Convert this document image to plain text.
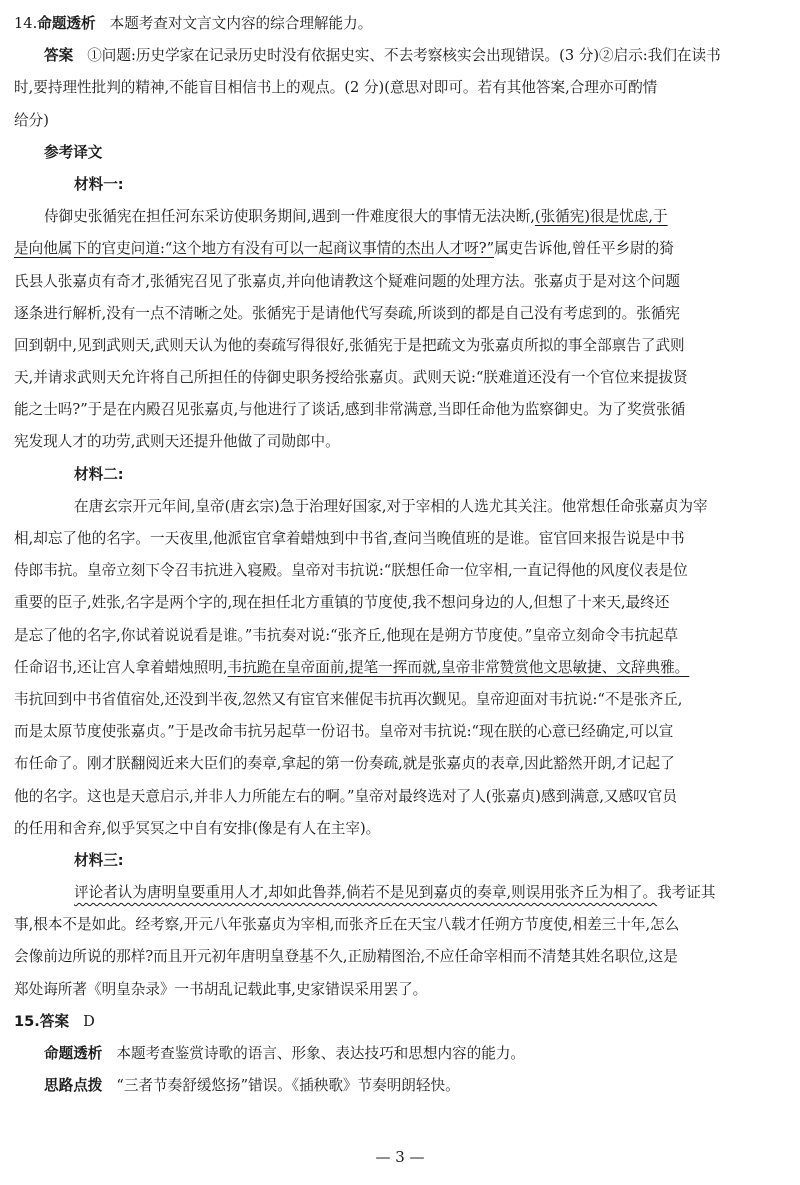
14.命题透析 本题考查对文言文内容的综合理解能力。
答案 ①问题:历史学家在记录历史时没有依据史实、不去考察核实会出现错误。(3 分)②启示:我们在读书
时,要持理性批判的精神,不能盲目相信书上的观点。(2 分)(意思对即可。若有其他答案,合理亦可酌情
给分)
参考译文
材料一:
侍御史张循宪在担任河东采访使职务期间,遇到一件难度很大的事情无法决断,(张循宪)很是忧虑,于
是向他属下的官吏问道:“这个地方有没有可以一起商议事情的杰出人才呀?”属吏告诉他,曾任平乡尉的猗
氏县人张嘉贞有奇才,张循宪召见了张嘉贞,并向他请教这个疑难问题的处理方法。张嘉贞于是对这个问题
逐条进行解析,没有一点不清晰之处。张循宪于是请他代写奏疏,所谈到的都是自己没有考虑到的。张循宪
回到朝中,见到武则天,武则天认为他的奏疏写得很好,张循宪于是把疏文为张嘉贞所拟的事全部禀告了武则
天,并请求武则天允许将自己所担任的侍御史职务授给张嘉贞。武则天说:“朕难道还没有一个官位来提拔贤
能之士吗?”于是在内殿召见张嘉贞,与他进行了谈话,感到非常满意,当即任命他为监察御史。为了奖赏张循
宪发现人才的功劳,武则天还提升他做了司勋郎中。
材料二:
在唐玄宗开元年间,皇帝(唐玄宗)急于治理好国家,对于宰相的人选尤其关注。他常想任命张嘉贞为宰
相,却忘了他的名字。一天夜里,他派宦官拿着蜡烛到中书省,查问当晚值班的是谁。宦官回来报告说是中书
侍郎韦抗。皇帝立刻下令召韦抗进入寝殿。皇帝对韦抗说:“朕想任命一位宰相,一直记得他的风度仪表是位
重要的臣子,姓张,名字是两个字的,现在担任北方重镇的节度使,我不想问身边的人,但想了十来天,最终还
是忘了他的名字,你试着说说看是谁。”韦抗奏对说:“张齐丘,他现在是朔方节度使。”皇帝立刻命令韦抗起草
任命诏书,还让宫人拿着蜡烛照明,韦抗跪在皇帝面前,提笔一挥而就,皇帝非常赞赏他文思敏捷、文辞典雅。
韦抗回到中书省值宿处,还没到半夜,忽然又有宦官来催促韦抗再次觐见。皇帝迎面对韦抗说:“不是张齐丘,
而是太原节度使张嘉贞。”于是改命韦抗另起草一份诏书。皇帝对韦抗说:“现在朕的心意已经确定,可以宣
布任命了。刚才朕翻阅近来大臣们的奏章,拿起的第一份奏疏,就是张嘉贞的表章,因此豁然开朗,才记起了
他的名字。这也是天意启示,并非人力所能左右的啊。”皇帝对最终选对了人(张嘉贞)感到满意,又感叹官员
的任用和舍弃,似乎冥冥之中自有安排(像是有人在主宰)。
材料三:
评论者认为唐明皇要重用人才,却如此鲁莽,倘若不是见到嘉贞的奏章,则误用张齐丘为相了。我考证其
事,根本不是如此。经考察,开元八年张嘉贞为宰相,而张齐丘在天宝八载才任朔方节度使,相差三十年,怎么
会像前边所说的那样?而且开元初年唐明皇登基不久,正励精图治,不应任命宰相而不清楚其姓名职位,这是
郑处诲所著《明皇杂录》一书胡乱记载此事,史家错误采用罢了。
15.答案 D
命题透析 本题考查鉴赏诗歌的语言、形象、表达技巧和思想内容的能力。
思路点拨 “三者节奏舒缓悠扬”错误。《插秧歌》节奏明朗轻快。
— 3 —
